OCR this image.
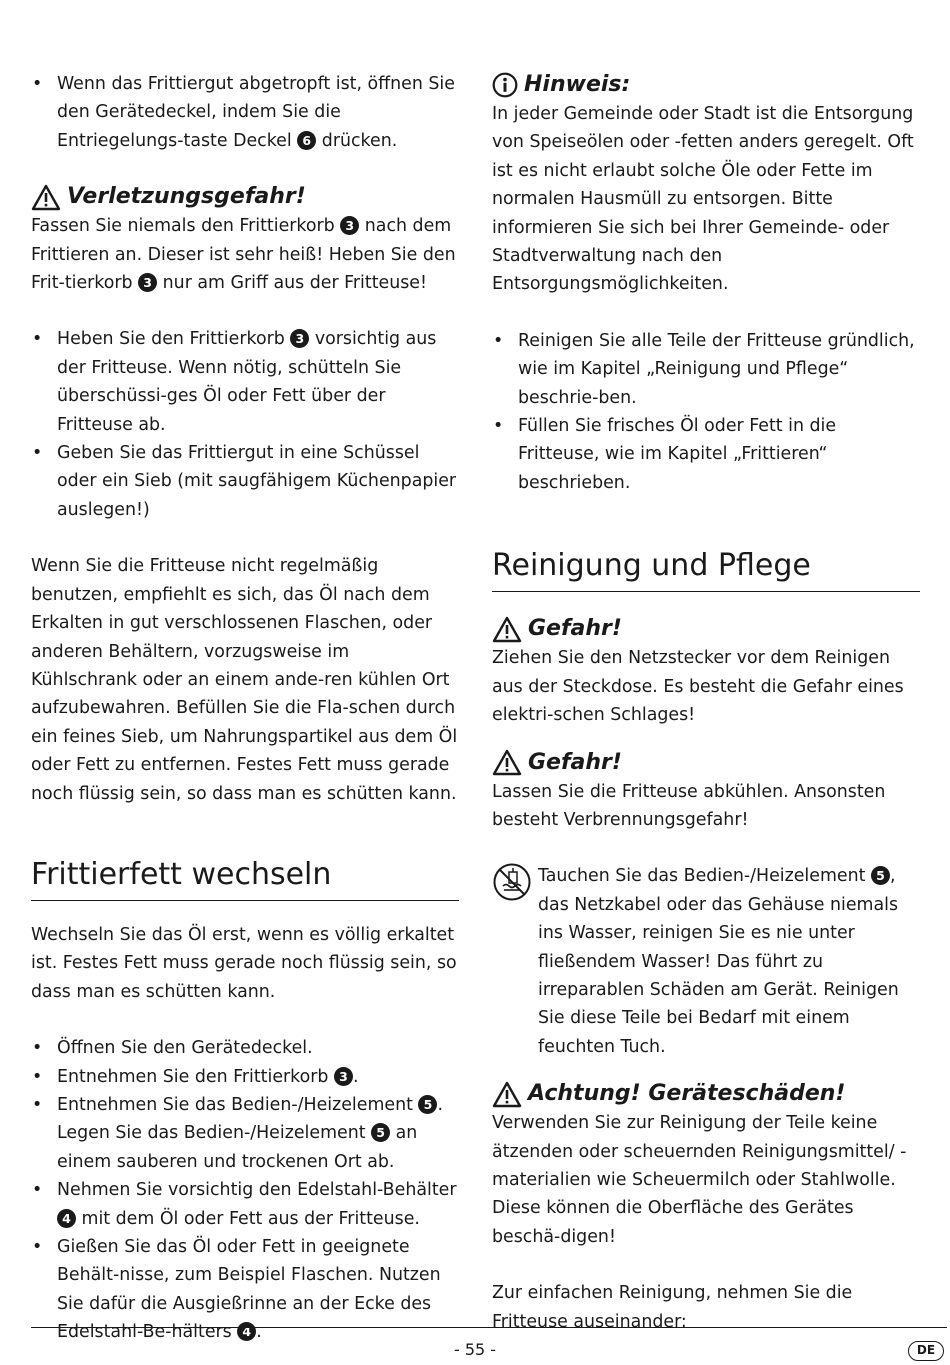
• Wenn das Frittiergut abgetropft ist, öffnen Sie den Gerätedeckel, indem Sie die Entriegelungs-taste Deckel 6 drücken.
Verletzungsgefahr!

Fassen Sie niemals den Frittierkorb 3 nach dem Frittieren an. Dieser ist sehr heiß! Heben Sie den Frit-tierkorb 3 nur am Griff aus der Fritteuse!

• Heben Sie den Frittierkorb 3 vorsichtig aus der Fritteuse. Wenn nötig, schütteln Sie überschüssi-ges Öl oder Fett über der Fritteuse ab.
• Geben Sie das Frittiergut in eine Schüssel oder ein Sieb (mit saugfähigem Küchenpapier auslegen!)

Wenn Sie die Fritteuse nicht regelmäßig benutzen, empfiehlt es sich, das Öl nach dem Erkalten in gut verschlossenen Flaschen, oder anderen Behältern, vorzugsweise im Kühlschrank oder an einem ande-ren kühlen Ort aufzubewahren. Befüllen Sie die Fla-schen durch ein feines Sieb, um Nahrungspartikel aus dem Öl oder Fett zu entfernen. Festes Fett muss gerade noch flüssig sein, so dass man es schütten kann.

Frittierfett wechseln

Wechseln Sie das Öl erst, wenn es völlig erkaltet ist. Festes Fett muss gerade noch flüssig sein, so dass man es schütten kann.

• Öffnen Sie den Gerätedeckel.
• Entnehmen Sie den Frittierkorb 3 .
• Entnehmen Sie das Bedien-/Heizelement 5 . Legen Sie das Bedien-/Heizelement 5 an einem sauberen und trockenen Ort ab.
• Nehmen Sie vorsichtig den Edelstahl-Behälter 4 mit dem Öl oder Fett aus der Fritteuse.
• Gießen Sie das Öl oder Fett in geeignete Behält-nisse, zum Beispiel Flaschen. Nutzen Sie dafür die Ausgießrinne an der Ecke des Edelstahl-Be-hälters 4 .
Hinweis:

In jeder Gemeinde oder Stadt ist die Entsorgung von Speiseölen oder -fetten anders geregelt. Oft ist es nicht erlaubt solche Öle oder Fette im normalen Hausmüll zu entsorgen. Bitte informieren Sie sich bei Ihrer Gemeinde- oder Stadtverwaltung nach den Entsorgungsmöglichkeiten.

• Reinigen Sie alle Teile der Fritteuse gründlich, wie im Kapitel „Reinigung und Pflege“ beschrie-ben.
• Füllen Sie frisches Öl oder Fett in die Fritteuse, wie im Kapitel „Frittieren“ beschrieben.
Reinigung und Pflege
Gefahr!

Ziehen Sie den Netzstecker vor dem Reinigen aus der Steckdose. Es besteht die Gefahr eines elektri-schen Schlages!

Gefahr!

Lassen Sie die Fritteuse abkühlen. Ansonsten besteht Verbrennungsgefahr!

Tauchen Sie das Bedien-/Heizelement 5 , das Netzkabel oder das Gehäuse niemals ins Wasser, reinigen Sie es nie unter fließendem Wasser! Das führt zu irreparablen Schäden am Gerät. Reinigen Sie diese Teile bei Bedarf mit einem feuchten Tuch.

Achtung! Geräteschäden!

Verwenden Sie zur Reinigung der Teile keine ätzenden oder scheuernden Reinigungsmittel/ -materialien wie Scheuermilch oder Stahlwolle. Diese können die Oberfläche des Gerätes beschä-digen!

Zur einfachen Reinigung, nehmen Sie die Fritteuse auseinander:

- 55 -	DE
